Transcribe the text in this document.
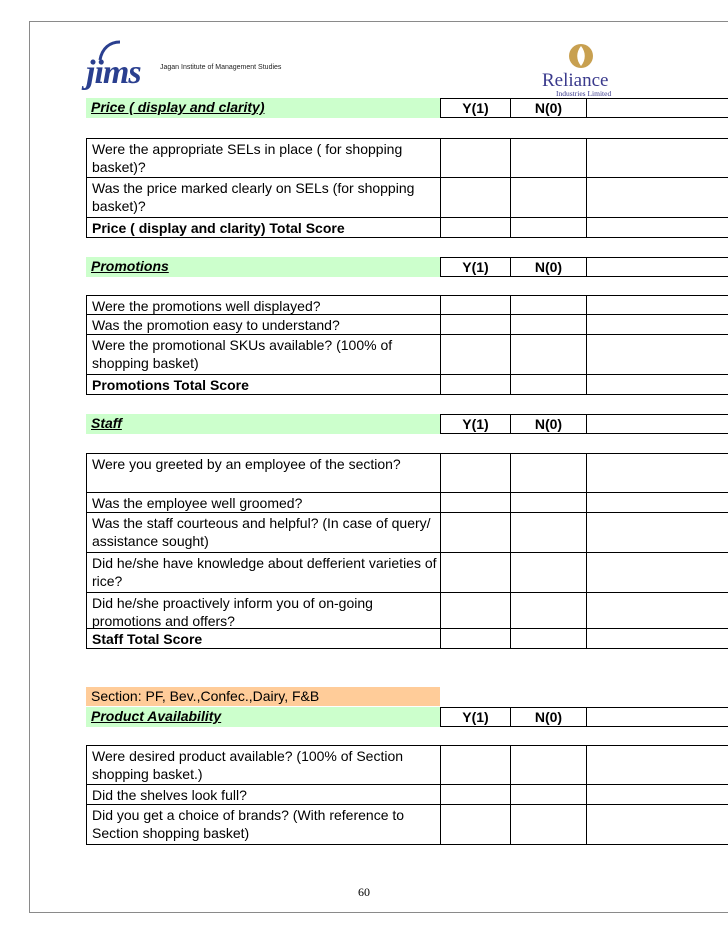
jims	Jagan Institute of Management Studies
Reliance
Industries Limited
Price ( display and clarity)	Y(1)	N(0)
Were the appropriate SELs in place ( for shopping basket)?
Was the price marked clearly on SELs (for shopping basket)?
Price ( display and clarity) Total Score
Promotions	Y(1)	N(0)
Were the promotions well displayed?
Was the promotion easy to understand?
Were the promotional SKUs available? (100% of shopping basket)
Promotions Total Score
Staff	Y(1)	N(0)
Were you greeted by an employee of the section?
Was the employee well groomed?
Was the staff courteous and helpful? (In case of query/ assistance sought)
Did he/she have knowledge about defferient varieties of rice?
Did he/she proactively inform you of on-going promotions and offers?
Staff Total Score
Section: PF, Bev.,Confec.,Dairy, F&B
Product Availability	Y(1)	N(0)
Were desired product available? (100% of Section shopping basket.)
Did the shelves look full?
Did you get a choice of brands? (With reference to Section shopping basket)
60
